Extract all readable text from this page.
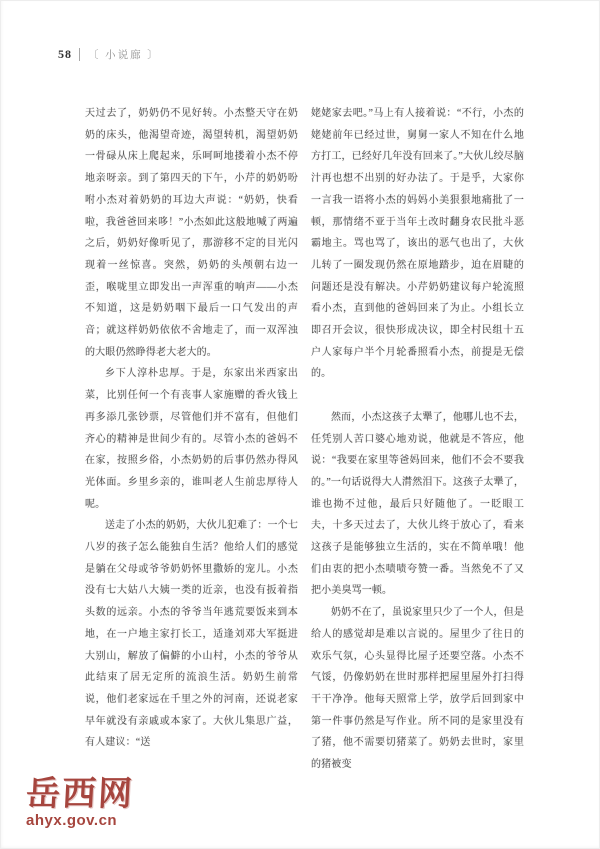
58 〔 小说廊 〕

天过去了，奶奶仍不见好转。小杰整天守在奶奶的床头，他渴望奇迹，渴望转机，渴望奶奶一骨碌从床上爬起来，乐呵呵地搂着小杰不停地亲呀亲。到了第四天的下午，小芹的奶奶吩咐小杰对着奶奶的耳边大声说：“奶奶，快看啦，我爸爸回来哆！”小杰如此这般地喊了两遍之后，奶奶好像听见了，那游移不定的目光闪现着一丝惊喜。突然，奶奶的头颅朝右边一歪，喉咙里立即发出一声浑重的响声——小杰不知道，这是奶奶咽下最后一口气发出的声音；就这样奶奶依依不舍地走了，而一双浑浊的大眼仍然睁得老大老大的。

乡下人淳朴忠厚。于是，东家出米西家出菜，比别任何一个有丧事人家施赠的香火钱上再多添几张钞票，尽管他们并不富有，但他们齐心的精神是世间少有的。尽管小杰的爸妈不在家，按照乡俗，小杰奶奶的后事仍然办得风光体面。乡里乡亲的，谁叫老人生前忠厚待人呢。

送走了小杰的奶奶，大伙儿犯难了：一个七八岁的孩子怎么能独自生活？他给人们的感觉是躺在父母或爷爷奶奶怀里撒娇的宠儿。小杰没有七大姑八大姨一类的近亲，也没有扳着指头数的远亲。小杰的爷爷当年逃荒要饭来到本地，在一户地主家打长工，适逢刘邓大军挺进大别山，解放了偏僻的小山村，小杰的爷爷从此结束了居无定所的流浪生活。奶奶生前常说，他们老家远在千里之外的河南，还说老家早年就没有亲戚或本家了。大伙儿集思广益，有人建议：“送

姥姥家去吧。”马上有人接着说：“不行，小杰的姥姥前年已经过世，舅舅一家人不知在什么地方打工，已经好几年没有回来了。”大伙儿绞尽脑汁再也想不出别的好办法了。于是乎，大家你一言我一语将小杰的妈妈小美狠狠地痛批了一顿，那情绪不亚于当年土改时翻身农民批斗恶霸地主。骂也骂了，该出的恶气也出了，大伙儿转了一圈发现仍然在原地踏步，迫在眉睫的问题还是没有解决。小芹奶奶建议每户轮流照看小杰，直到他的爸妈回来了为止。小组长立即召开会议，很快形成决议，即全村民组十五户人家每户半个月轮番照看小杰，前提是无偿的。

然而，小杰这孩子太犟了，他哪儿也不去，任凭别人苦口婆心地劝说，他就是不答应，他说：“我要在家里等爸妈回来，他们不会不要我的。”一句话说得大人潸然泪下。这孩子太犟了，谁也拗不过他，最后只好随他了。一眨眼工夫，十多天过去了，大伙儿终于放心了，看来这孩子是能够独立生活的，实在不简单哦！他们由衷的把小杰啧啧夸赞一番。当然免不了又把小美臭骂一顿。

奶奶不在了，虽说家里只少了一个人，但是给人的感觉却是难以言说的。屋里少了往日的欢乐气氛，心头显得比屋子还要空落。小杰不气馁，仍像奶奶在世时那样把屋里屋外打扫得干干净净。他每天照常上学，放学后回到家中第一件事仍然是写作业。所不同的是家里没有了猪，他不需要切猪菜了。奶奶去世时，家里的猪被变

岳西网
ahyx.gov.cn
